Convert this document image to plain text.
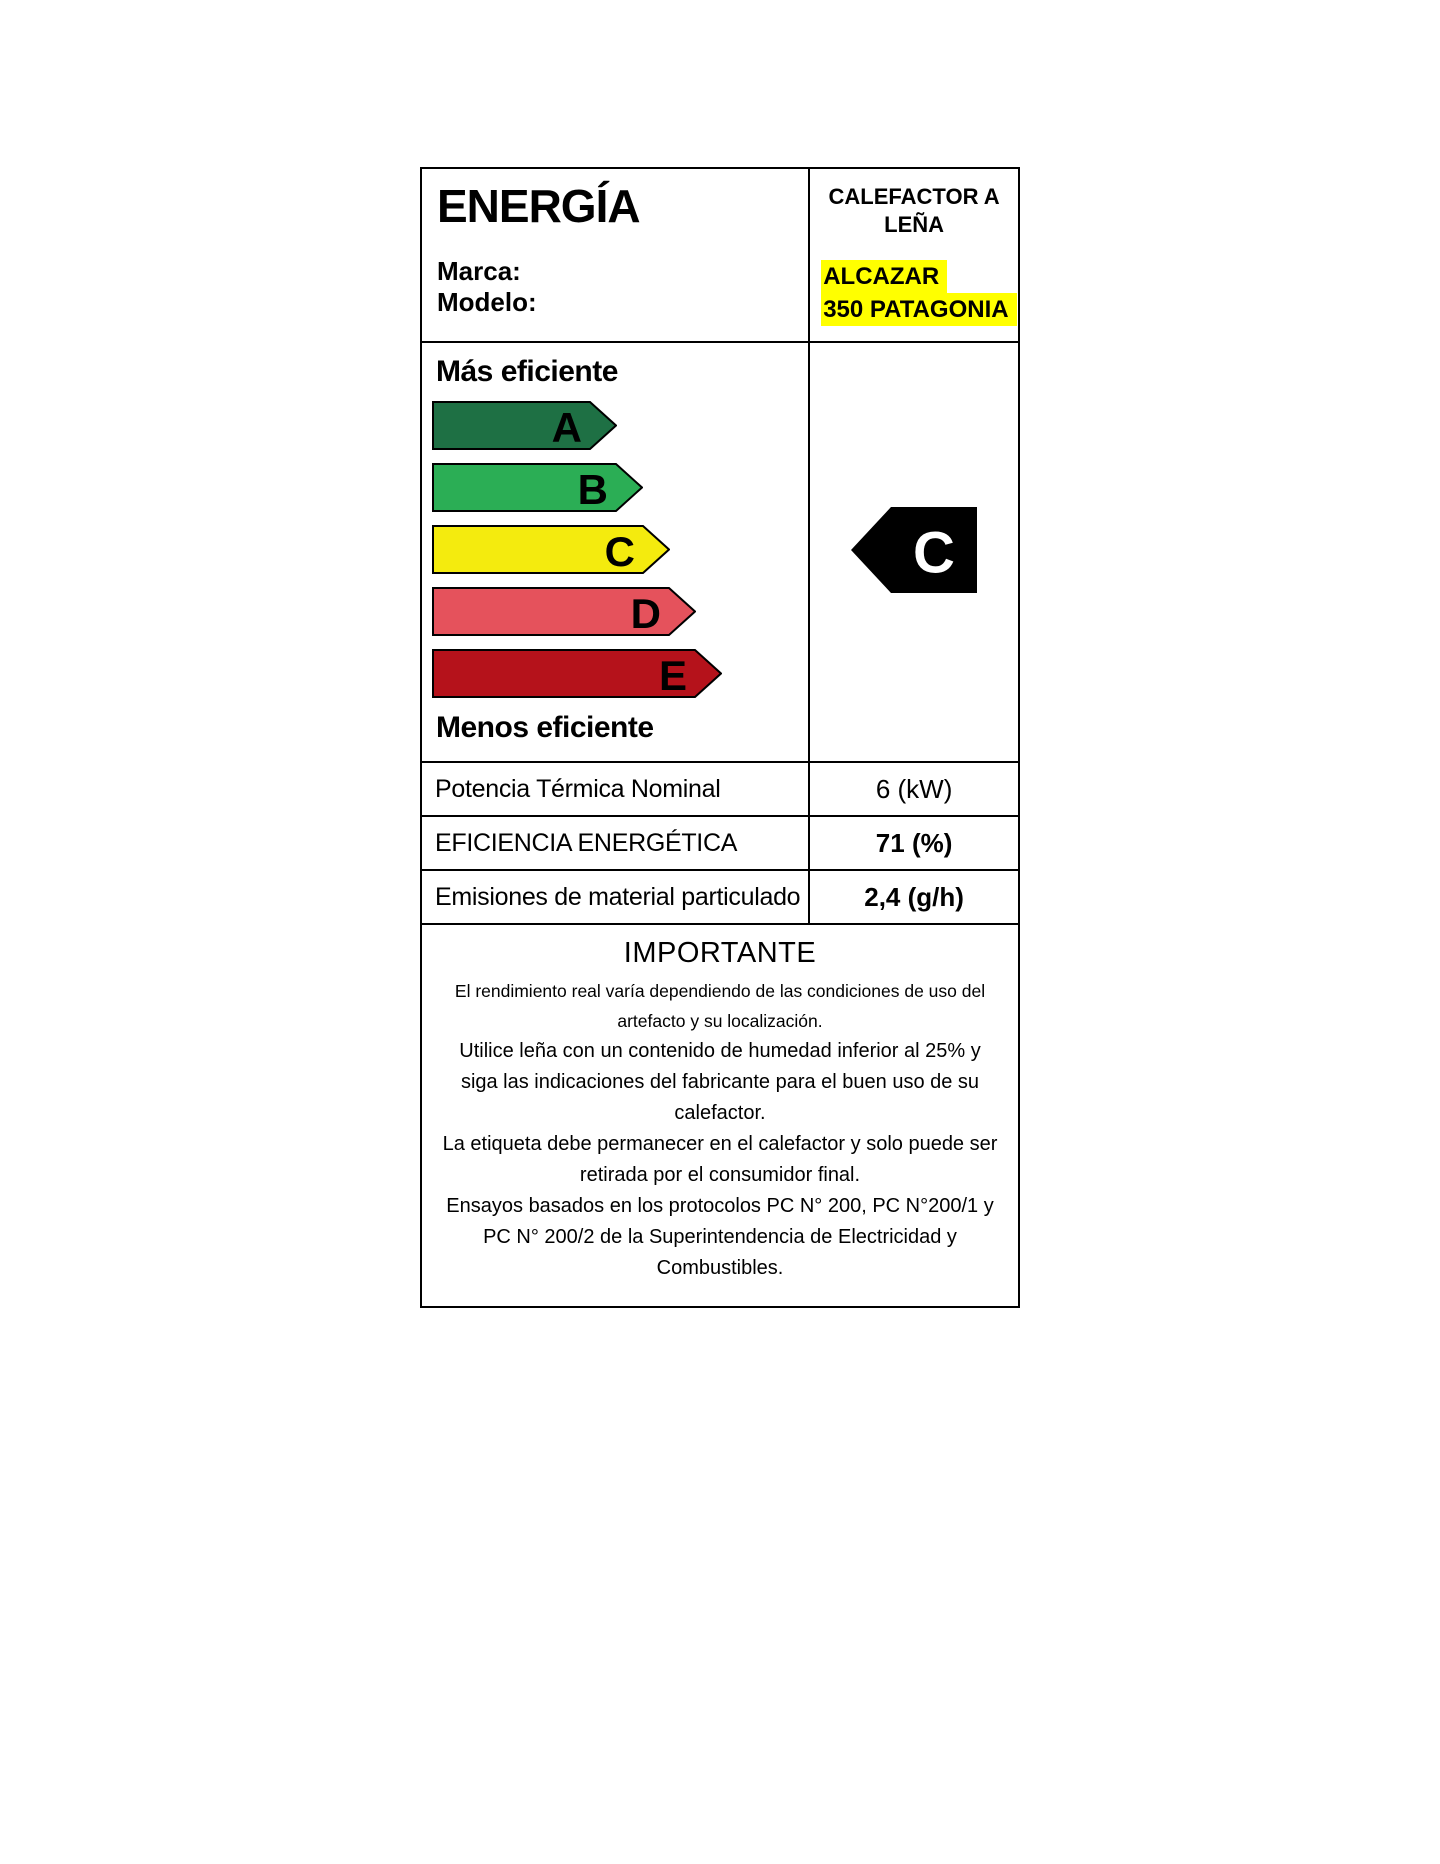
ENERGÍA
Marca:
Modelo:
CALEFACTOR A LEÑA
ALCAZAR
350 PATAGONIA
Más eficiente
A
B
C
D
E
Menos eficiente
C
Potencia Térmica Nominal	6 (kW)
EFICIENCIA ENERGÉTICA	71 (%)
Emisiones de material particulado	2,4 (g/h)
IMPORTANTE

El rendimiento real varía dependiendo de las condiciones de uso del artefacto y su localización.

Utilice leña con un contenido de humedad inferior al 25% y siga las indicaciones del fabricante para el buen uso de su calefactor.

La etiqueta debe permanecer en el calefactor y solo puede ser retirada por el consumidor final.

Ensayos basados en los protocolos PC N° 200, PC N°200/1 y PC N° 200/2 de la Superintendencia de Electricidad y Combustibles.
